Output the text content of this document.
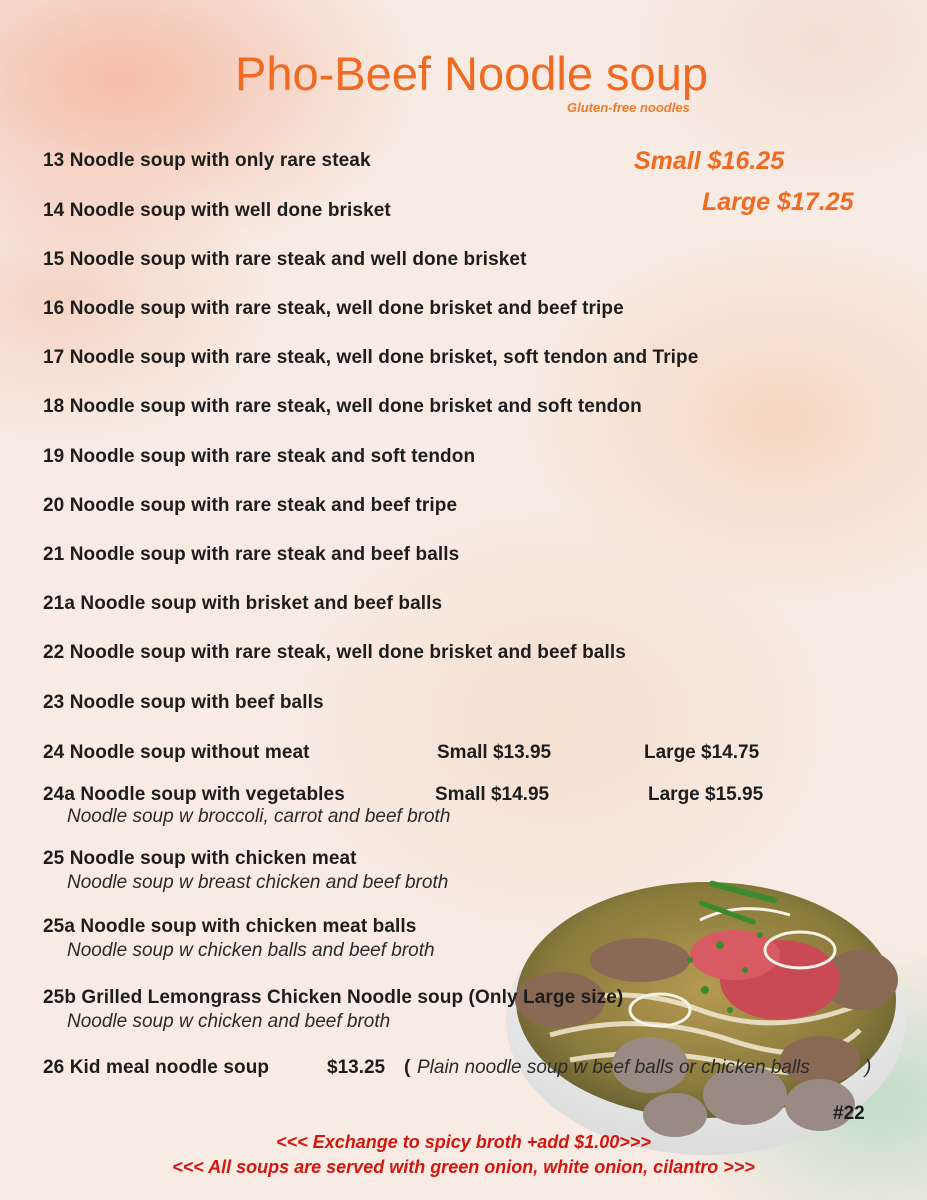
Pho-Beef Noodle soup
Gluten-free noodles
Small $16.25
Large $17.25
13 Noodle soup with only rare steak
14 Noodle soup with well done brisket
15 Noodle soup with rare steak and well done brisket
16 Noodle soup with rare steak, well done brisket and beef tripe
17 Noodle soup with rare steak, well done brisket, soft tendon and Tripe
18 Noodle soup with rare steak, well done brisket and soft tendon
19 Noodle soup with rare steak and soft tendon
20 Noodle soup with rare steak and beef tripe
21 Noodle soup with rare steak and beef balls
21a Noodle soup with brisket and beef balls
22 Noodle soup with rare steak, well done brisket and beef balls
23 Noodle soup with beef balls
24 Noodle soup without meat	Small $13.95	Large $14.75
24a Noodle soup with vegetables	Small $14.95	Large $15.95
Noodle soup w broccoli, carrot and beef broth
25 Noodle soup with chicken meat
Noodle soup w breast chicken and beef broth
25a Noodle soup with chicken meat balls
Noodle soup w chicken balls and beef broth
25b Grilled Lemongrass Chicken Noodle soup (Only Large size)
Noodle soup w chicken and beef broth
26 Kid meal noodle soup	$13.25 ( Plain noodle soup w beef balls or chicken balls	)
#22
<<< Exchange to spicy broth +add $1.00>>>
<<< All soups are served with green onion, white onion, cilantro >>>
